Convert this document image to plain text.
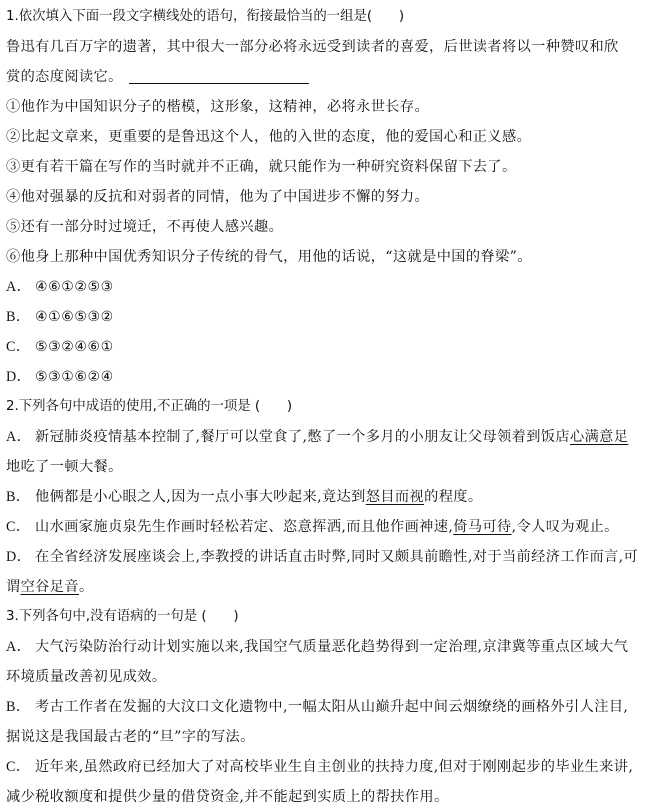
1.依次填入下面一段文字横线处的语句，衔接最恰当的一组是(　　)
鲁迅有几百万字的遗著，其中很大一部分必将永远受到读者的喜爱，后世读者将以一种赞叹和欣
赏的态度阅读它。
①他作为中国知识分子的楷模，这形象，这精神，必将永世长存。
②比起文章来，更重要的是鲁迅这个人，他的入世的态度，他的爱国心和正义感。
③更有若干篇在写作的当时就并不正确，就只能作为一种研究资料保留下去了。
④他对强暴的反抗和对弱者的同情，他为了中国进步不懈的努力。
⑤还有一部分时过境迁，不再使人感兴趣。
⑥他身上那种中国优秀知识分子传统的骨气，用他的话说，“这就是中国的脊梁”。
A． ④⑥①②⑤③
B． ④①⑥⑤③②
C． ⑤③②④⑥①
D． ⑤③①⑥②④
2.下列各句中成语的使用,不正确的一项是 (　　)
A． 新冠肺炎疫情基本控制了,餐厅可以堂食了,憋了一个多月的小朋友让父母领着到饭店心满意足
地吃了一顿大餐。
B． 他俩都是小心眼之人,因为一点小事大吵起来,竟达到怒目而视的程度。
C． 山水画家施贞泉先生作画时轻松若定、恣意挥洒,而且他作画神速,倚马可待,令人叹为观止。
D． 在全省经济发展座谈会上,李教授的讲话直击时弊,同时又颇具前瞻性,对于当前经济工作而言,可
谓空谷足音。
3.下列各句中,没有语病的一句是 (　　)
A． 大气污染防治行动计划实施以来,我国空气质量恶化趋势得到一定治理,京津冀等重点区域大气
环境质量改善初见成效。
B． 考古工作者在发掘的大汶口文化遗物中,一幅太阳从山巅升起中间云烟缭绕的画格外引人注目,
据说这是我国最古老的“旦”字的写法。
C． 近年来,虽然政府已经加大了对高校毕业生自主创业的扶持力度,但对于刚刚起步的毕业生来讲,
减少税收额度和提供少量的借贷资金,并不能起到实质上的帮扶作用。
